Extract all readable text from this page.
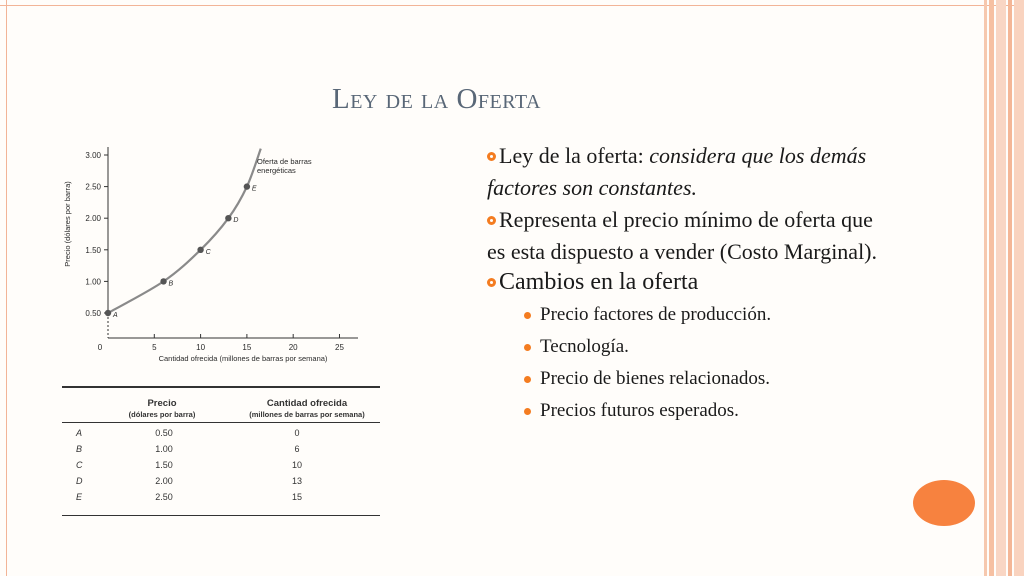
Ley de la Oferta
0.50
1.00
1.50
2.00
2.50
3.00
0	5	10	15	20	25
Cantidad ofrecida (millones de barras por semana)
Precio (dólares por barra)
A
B
C
D
E
Oferta de barras
energéticas
Precio
(dólares por barra)
Cantidad ofrecida
(millones de barras por semana)
A	0.50	0
B	1.00	6
C	1.50	10
D	2.00	13
E	2.50	15

Ley de la oferta: considera que los demás factores son constantes.

Representa el precio mínimo de oferta que es esta dispuesto a vender (Costo Marginal).

Cambios en la oferta

Precio factores de producción.

Tecnología.

Precio de bienes relacionados.

Precios futuros esperados.
